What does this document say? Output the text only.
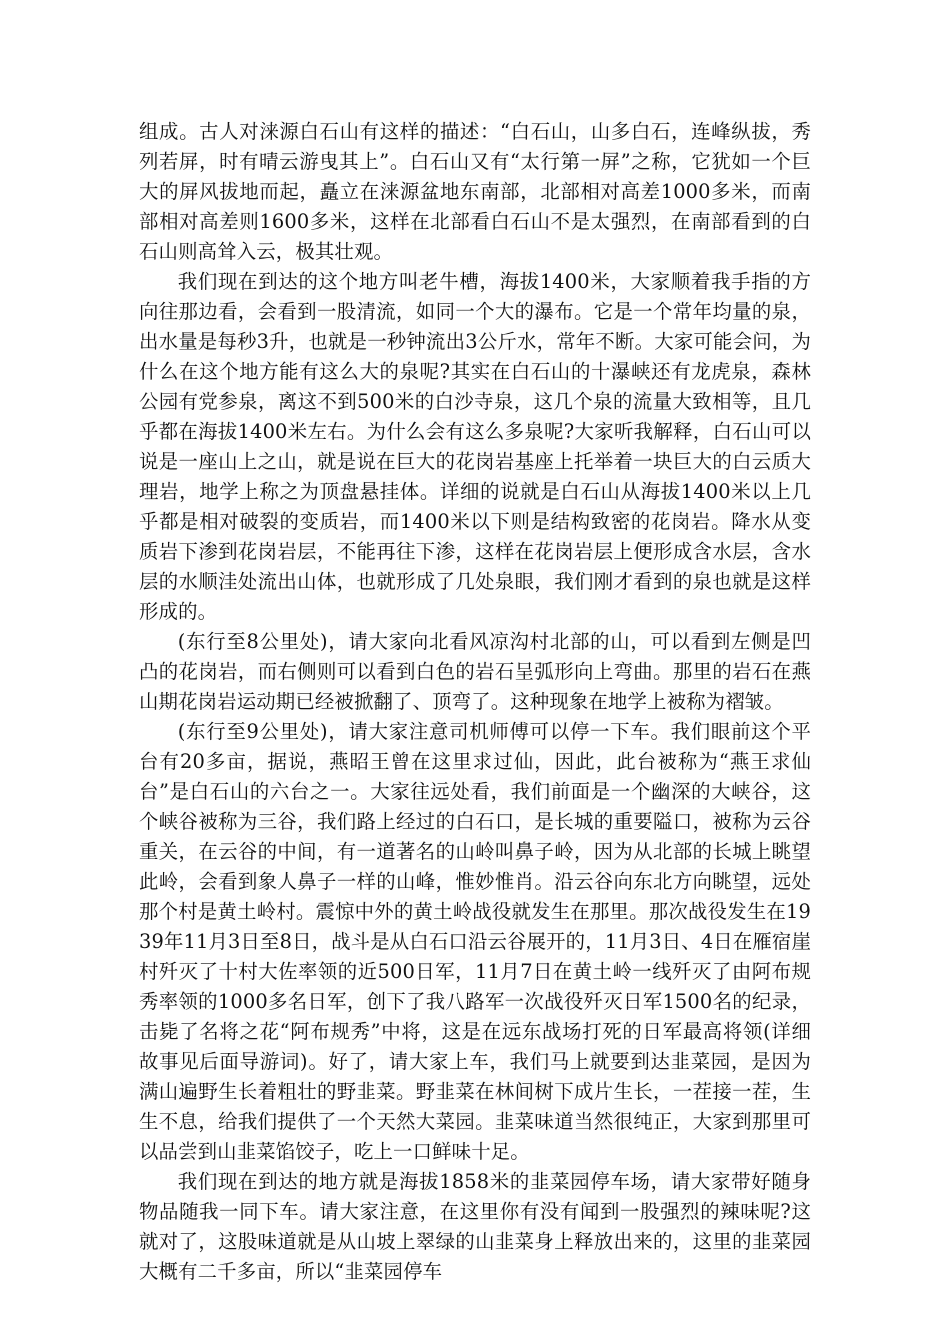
组成。古人对涞源白石山有这样的描述：“白石山，山多白石，连峰纵拔，秀列若屏，时有晴云游曳其上”。白石山又有“太行第一屏”之称，它犹如一个巨大的屏风拔地而起，矗立在涞源盆地东南部，北部相对高差1000多米，而南部相对高差则1600多米，这样在北部看白石山不是太强烈，在南部看到的白石山则高耸入云，极其壮观。

我们现在到达的这个地方叫老牛槽，海拔1400米，大家顺着我手指的方向往那边看，会看到一股清流，如同一个大的瀑布。它是一个常年均量的泉，出水量是每秒3升，也就是一秒钟流出3公斤水，常年不断。大家可能会问，为什么在这个地方能有这么大的泉呢?其实在白石山的十瀑峡还有龙虎泉，森林公园有党参泉，离这不到500米的白沙寺泉，这几个泉的流量大致相等，且几乎都在海拔1400米左右。为什么会有这么多泉呢?大家听我解释，白石山可以说是一座山上之山，就是说在巨大的花岗岩基座上托举着一块巨大的白云质大理岩，地学上称之为顶盘悬挂体。详细的说就是白石山从海拔1400米以上几乎都是相对破裂的变质岩，而1400米以下则是结构致密的花岗岩。降水从变质岩下渗到花岗岩层，不能再往下渗，这样在花岗岩层上便形成含水层，含水层的水顺洼处流出山体，也就形成了几处泉眼，我们刚才看到的泉也就是这样形成的。

(东行至8公里处)，请大家向北看风凉沟村北部的山，可以看到左侧是凹凸的花岗岩，而右侧则可以看到白色的岩石呈弧形向上弯曲。那里的岩石在燕山期花岗岩运动期已经被掀翻了、顶弯了。这种现象在地学上被称为褶皱。

(东行至9公里处)，请大家注意司机师傅可以停一下车。我们眼前这个平台有20多亩，据说，燕昭王曾在这里求过仙，因此，此台被称为“燕王求仙台”是白石山的六台之一。大家往远处看，我们前面是一个幽深的大峡谷，这个峡谷被称为三谷，我们路上经过的白石口，是长城的重要隘口，被称为云谷重关，在云谷的中间，有一道著名的山岭叫鼻子岭，因为从北部的长城上眺望此岭，会看到象人鼻子一样的山峰，惟妙惟肖。沿云谷向东北方向眺望，远处那个村是黄土岭村。震惊中外的黄土岭战役就发生在那里。那次战役发生在1939年11月3日至8日，战斗是从白石口沿云谷展开的，11月3日、4日在雁宿崖村歼灭了十村大佐率领的近500日军，11月7日在黄土岭一线歼灭了由阿布规秀率领的1000多名日军，创下了我八路军一次战役歼灭日军1500名的纪录，击毙了名将之花“阿布规秀”中将，这是在远东战场打死的日军最高将领(详细故事见后面导游词)。好了，请大家上车，我们马上就要到达韭菜园，是因为满山遍野生长着粗壮的野韭菜。野韭菜在林间树下成片生长，一茬接一茬，生生不息，给我们提供了一个天然大菜园。韭菜味道当然很纯正，大家到那里可以品尝到山韭菜馅饺子，吃上一口鲜味十足。

我们现在到达的地方就是海拔1858米的韭菜园停车场，请大家带好随身物品随我一同下车。请大家注意，在这里你有没有闻到一股强烈的辣味呢?这就对了，这股味道就是从山坡上翠绿的山韭菜身上释放出来的，这里的韭菜园大概有二千多亩，所以“韭菜园停车
